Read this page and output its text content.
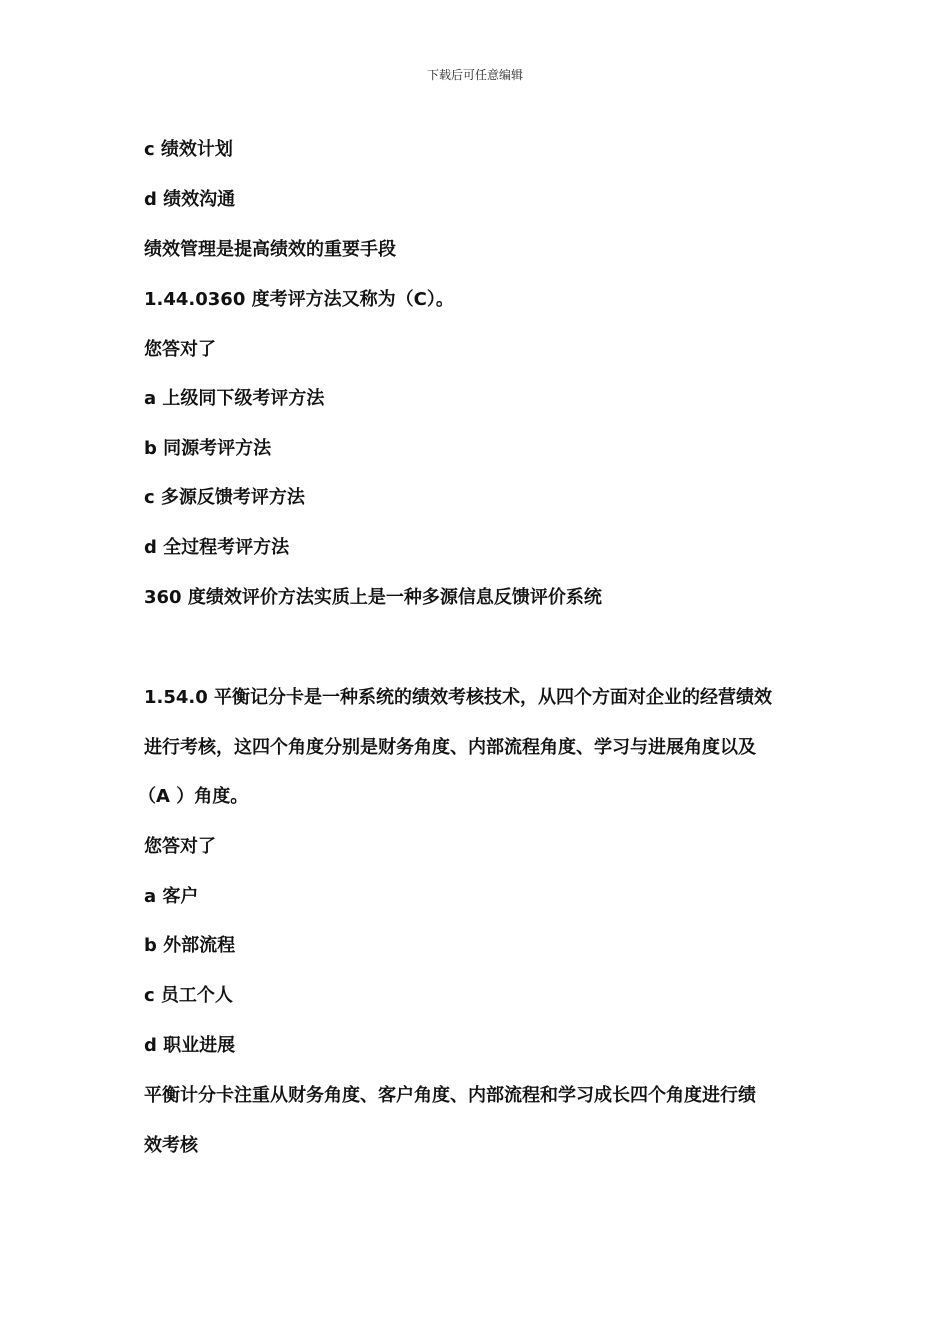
下载后可任意编辑
c 绩效计划
d 绩效沟通
绩效管理是提高绩效的重要手段
1.44.0360 度考评方法又称为（C）。
您答对了
a 上级同下级考评方法
b 同源考评方法
c 多源反馈考评方法
d 全过程考评方法
360 度绩效评价方法实质上是一种多源信息反馈评价系统
1.54.0 平衡记分卡是一种系统的绩效考核技术，从四个方面对企业的经营绩效
进行考核，这四个角度分别是财务角度、内部流程角度、学习与进展角度以及
（A ）角度。
您答对了
a 客户
b 外部流程
c 员工个人
d 职业进展
平衡计分卡注重从财务角度、客户角度、内部流程和学习成长四个角度进行绩
效考核
